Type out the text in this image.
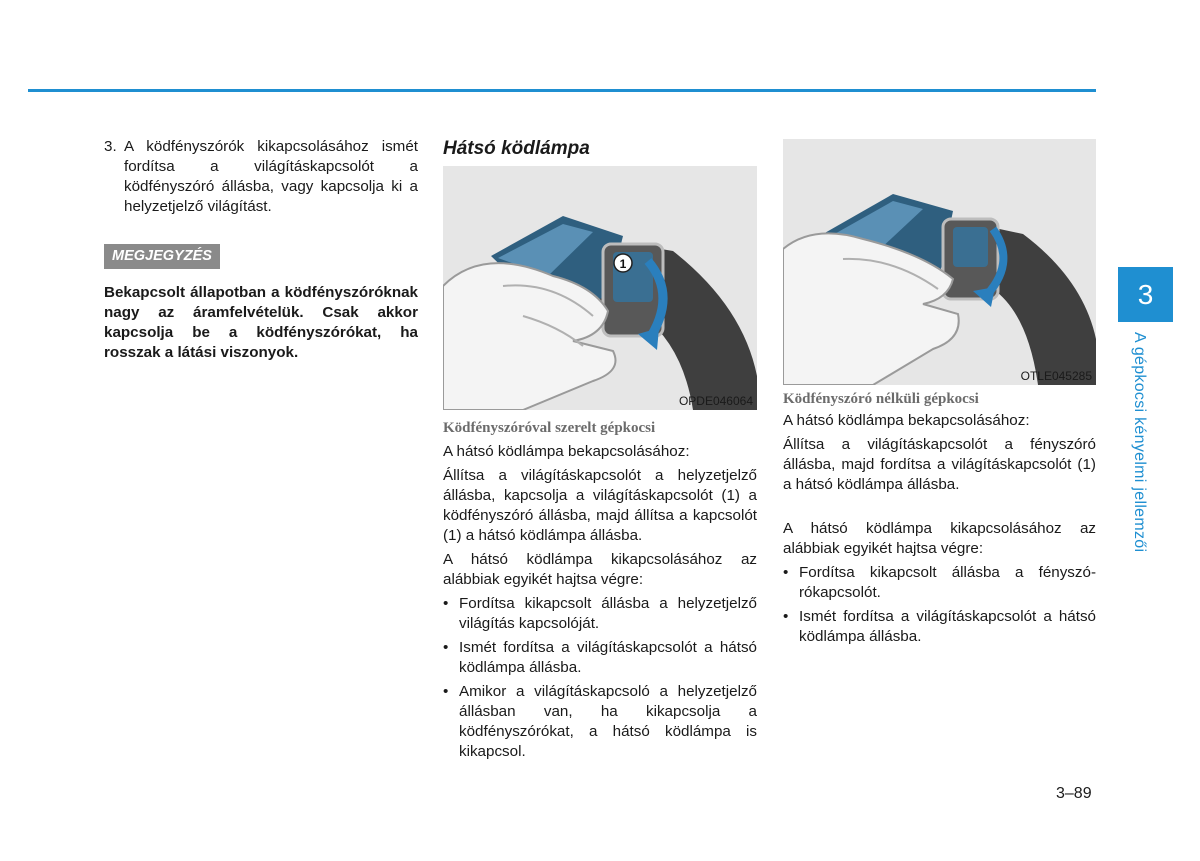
3. A ködfényszórók kikapcsolásához ismét fordítsa a világításkapcsolót a ködfényszóró állásba, vagy kapcsolja ki a helyzetjelző világítást.
MEGJEGYZÉS

Bekapcsolt állapotban a ködfényszóróknak nagy az áramfelvételük. Csak akkor kapcsolja be a ködfényszórókat, ha rosszak a látási viszonyok.

Hátsó ködlámpa
1
OPDE046064
Ködfényszóróval szerelt gépkocsi

A hátsó ködlámpa bekapcsolásához:

Állítsa a világításkapcsolót a helyzetjelző állásba, kapcsolja a világításkapcsolót (1) a ködfényszóró állásba, majd állítsa a kapcsolót (1) a hátsó ködlámpa állásba.

A hátsó ködlámpa kikapcsolásához az alábbiak egyikét hajtsa végre:

• Fordítsa kikapcsolt állásba a helyzetjelző világítás kapcsolóját.
• Ismét fordítsa a világításkapcsolót a hátsó ködlámpa állásba.
• Amikor a világításkapcsoló a helyzetjelző állásban van, ha kikapcsolja a ködfényszórókat, a hátsó ködlámpa is kikapcsol.
OTLE045285
Ködfényszóró nélküli gépkocsi

A hátsó ködlámpa bekapcsolásához:

Állítsa a világításkapcsolót a fényszóró állásba, majd fordítsa a világításkapcsolót (1) a hátsó ködlámpa állásba.

A hátsó ködlámpa kikapcsolásához az alábbiak egyikét hajtsa végre:

• Fordítsa kikapcsolt állásba a fényszórókapcsolót.
• Ismét fordítsa a világításkapcsolót a hátsó ködlámpa állásba.
3
A gépkocsi kényelmi jellemzői
3–89
